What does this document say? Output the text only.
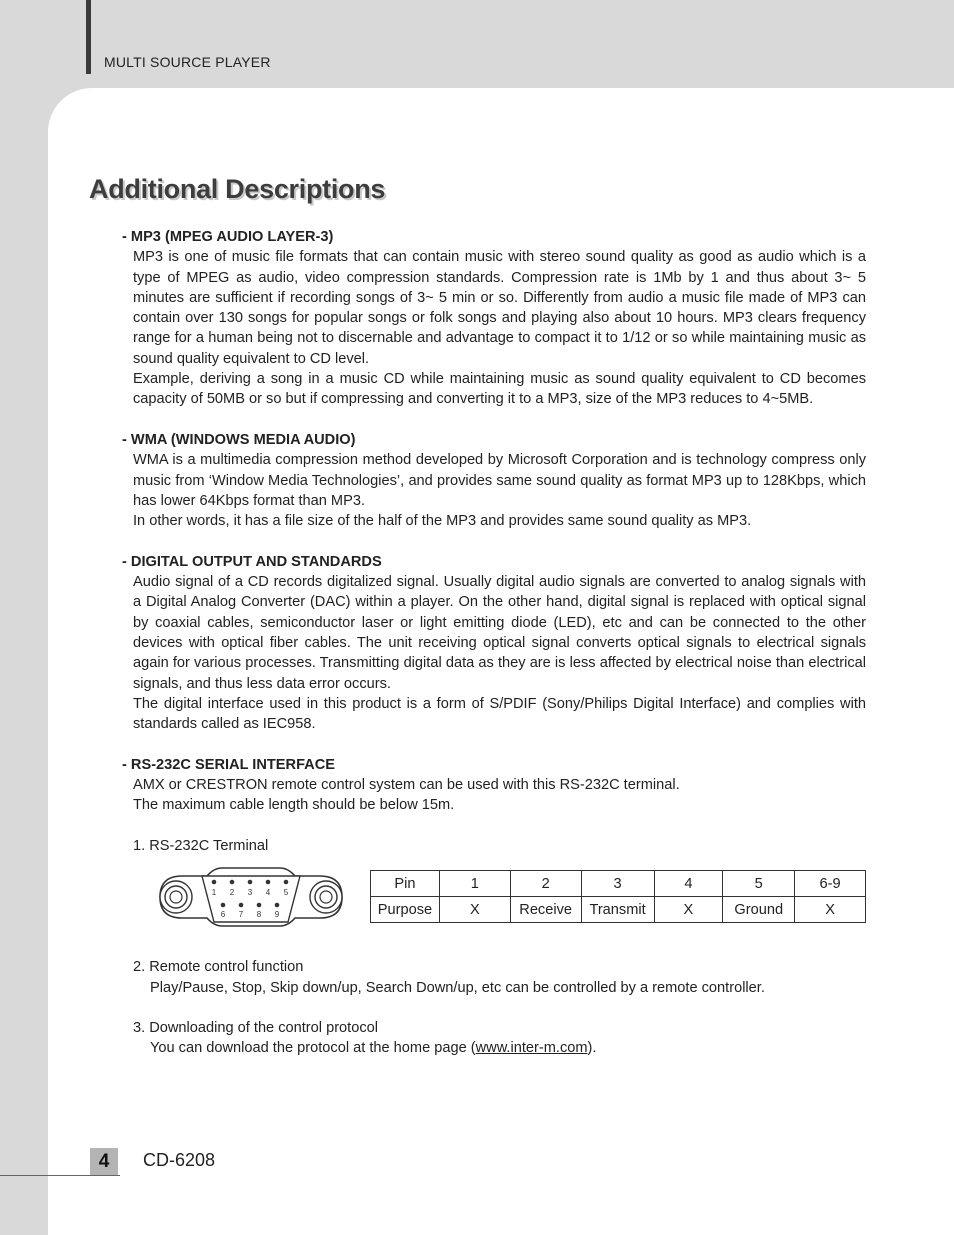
MULTI SOURCE PLAYER
Additional Descriptions
- MP3 (MPEG AUDIO LAYER-3)

MP3 is one of music file formats that can contain music with stereo sound quality as good as audio which is a type of MPEG as audio, video compression standards. Compression rate is 1Mb by 1 and thus about 3~ 5 minutes are sufficient if recording songs of 3~ 5 min or so. Differently from audio a music file made of MP3 can contain over 130 songs for popular songs or folk songs and playing also about 10 hours. MP3 clears frequency range for a human being not to discernable and advantage to compact it to 1/12 or so while maintaining music as sound quality equivalent to CD level.

Example, deriving a song in a music CD while maintaining music as sound quality equivalent to CD becomes capacity of 50MB or so but if compressing and converting it to a MP3, size of the MP3 reduces to 4~5MB.

- WMA (WINDOWS MEDIA AUDIO)

WMA is a multimedia compression method developed by Microsoft Corporation and is technology compress only music from ‘Window Media Technologies’, and provides same sound quality as format MP3 up to 128Kbps, which has lower 64Kbps format than MP3.

In other words, it has a file size of the half of the MP3 and provides same sound quality as MP3.

- DIGITAL OUTPUT AND STANDARDS

Audio signal of a CD records digitalized signal. Usually digital audio signals are converted to analog signals with a Digital Analog Converter (DAC) within a player. On the other hand, digital signal is replaced with optical signal by coaxial cables, semiconductor laser or light emitting diode (LED), etc and can be connected to the other devices with optical fiber cables. The unit receiving optical signal converts optical signals to electrical signals again for various processes. Transmitting digital data as they are is less affected by electrical noise than electrical signals, and thus less data error occurs.

The digital interface used in this product is a form of S/PDIF (Sony/Philips Digital Interface) and complies with standards called as IEC958.

- RS-232C SERIAL INTERFACE

AMX or CRESTRON remote control system can be used with this RS-232C terminal.

The maximum cable length should be below 15m.

1. RS-232C Terminal
2. Remote control function
Play/Pause, Stop, Skip down/up, Search Down/up, etc can be controlled by a remote controller.
3. Downloading of the control protocol
You can download the protocol at the home page (www.inter-m.com).
1 2 3 4 5
6 7 8 9
Pin	1	2	3	4	5	6-9
Purpose	X	Receive	Transmit	X	Ground	X
4	CD-6208
